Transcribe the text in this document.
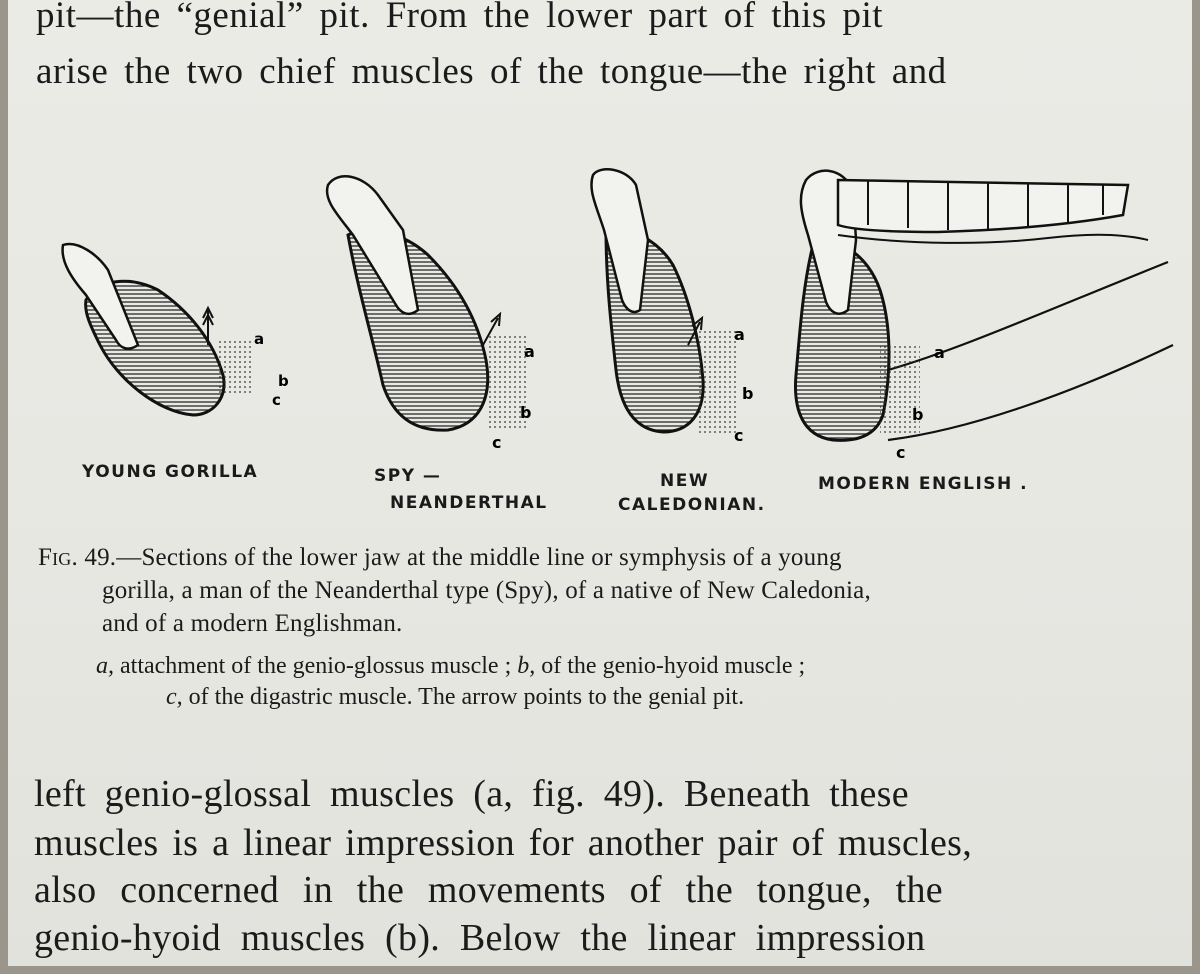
pit—the “genial” pit. From the lower part of this pit
arise the two chief muscles of the tongue—the right and
a
b
c
a
b
c
a
b
c
a
b
c
YOUNG GORILLA	SPY —
NEANDERTHAL
NEW
CALEDONIAN.
MODERN ENGLISH .
Fig. 49.—Sections of the lower jaw at the middle line or symphysis of a young
gorilla, a man of the Neanderthal type (Spy), of a native of New Caledonia,
and of a modern Englishman.
a, attachment of the genio-glossus muscle ; b, of the genio-hyoid muscle ;
c, of the digastric muscle. The arrow points to the genial pit.
left genio-glossal muscles (a, fig. 49). Beneath these
muscles is a linear impression for another pair of muscles,
also concerned in the movements of the tongue, the
genio-hyoid muscles (b). Below the linear impression
